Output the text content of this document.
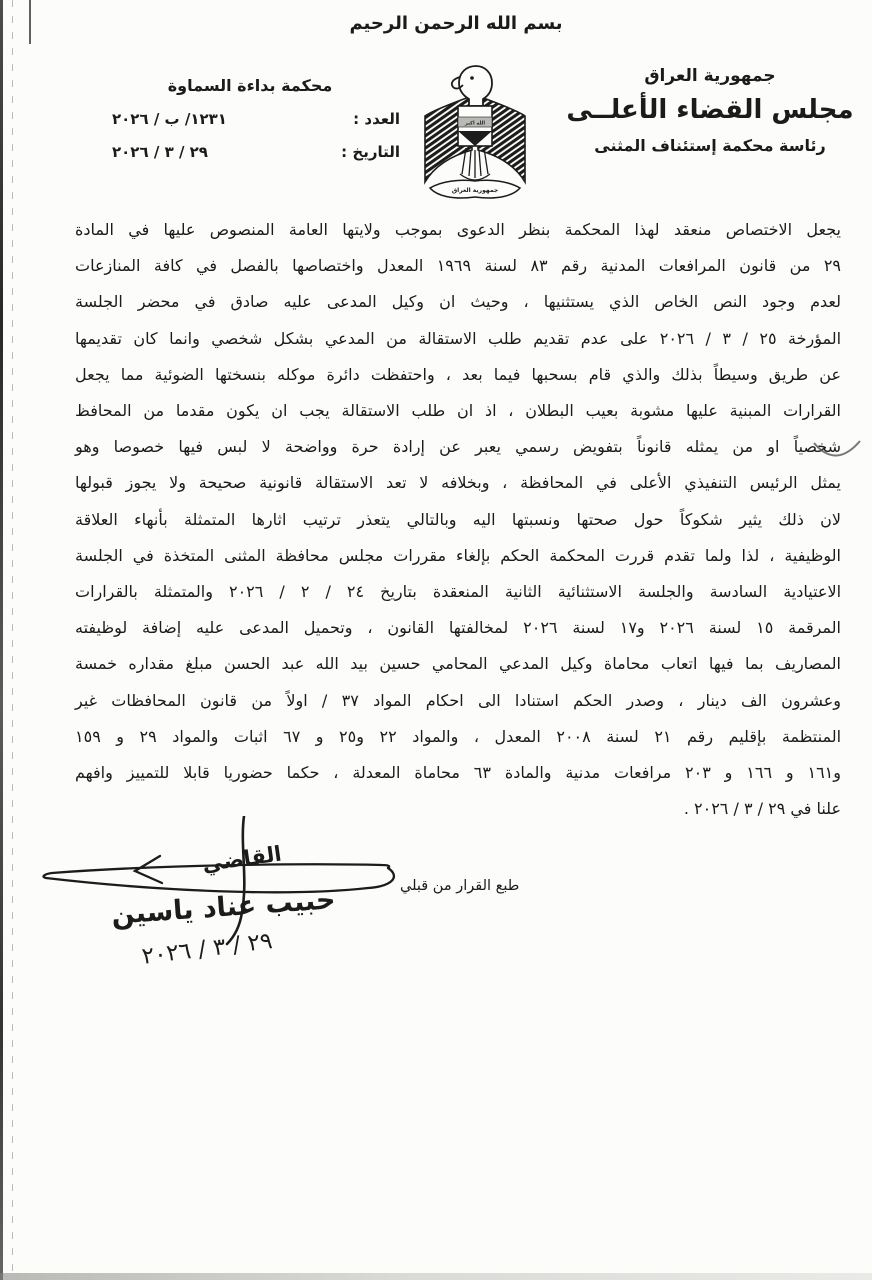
بسم الله الرحمن الرحيم
جمهورية العراق
مجلس القضاء الأعلــى
رئاسة محكمة إستئناف المثنى
الله اكبر
جمهورية العراق
محكمة بداءة السماوة
العدد :
١٢٣١/ ب / ٢٠٢٦
التاريخ :
٢٩ / ٣ / ٢٠٢٦
يجعل الاختصاص منعقد لهذا المحكمة بنظر الدعوى بموجب ولايتها العامة المنصوص عليها في المادة
٢٩ من قانون المرافعات المدنية رقم ٨٣ لسنة ١٩٦٩ المعدل واختصاصها بالفصل في كافة المنازعات
لعدم وجود النص الخاص الذي يستثنيها ، وحيث ان وكيل المدعى عليه صادق في محضر الجلسة
المؤرخة ٢٥ / ٣ / ٢٠٢٦ على عدم تقديم طلب الاستقالة من المدعي بشكل شخصي وانما كان تقديمها
عن طريق وسيطاً بذلك والذي قام بسحبها فيما بعد ، واحتفظت دائرة موكله بنسختها الضوئية مما يجعل
القرارات المبنية عليها مشوبة بعيب البطلان ، اذ ان طلب الاستقالة يجب ان يكون مقدما من المحافظ
شخصياً او من يمثله قانوناً بتفويض رسمي يعبر عن إرادة حرة وواضحة لا لبس فيها خصوصا وهو
يمثل الرئيس التنفيذي الأعلى في المحافظة ، وبخلافه لا تعد الاستقالة قانونية صحيحة ولا يجوز قبولها
لان ذلك يثير شكوكاً حول صحتها ونسبتها اليه وبالتالي يتعذر ترتيب اثارها المتمثلة بأنهاء العلاقة
الوظيفية ، لذا ولما تقدم قررت المحكمة الحكم بإلغاء مقررات مجلس محافظة المثنى المتخذة في الجلسة
الاعتيادية السادسة والجلسة الاستثنائية الثانية المنعقدة بتاريخ ٢٤ / ٢ / ٢٠٢٦ والمتمثلة بالقرارات
المرقمة ١٥ لسنة ٢٠٢٦ و١٧ لسنة ٢٠٢٦ لمخالفتها القانون ، وتحميل المدعى عليه إضافة لوظيفته
المصاريف بما فيها اتعاب محاماة وكيل المدعي المحامي حسين بيد الله عبد الحسن مبلغ مقداره خمسة
وعشرون الف دينار ، وصدر الحكم استنادا الى احكام المواد ٣٧ / اولاً من قانون المحافظات غير
المنتظمة بإقليم رقم ٢١ لسنة ٢٠٠٨ المعدل ، والمواد ٢٢ و٢٥ و ٦٧ اثبات والمواد ٢٩ و ١٥٩
و١٦١ و ١٦٦ و ٢٠٣ مرافعات مدنية والمادة ٦٣ محاماة المعدلة ، حكما حضوريا قابلا للتمييز وافهم
علنا في ٢٩ / ٣ / ٢٠٢٦ .
طبع القرار من قبلي
القاضي
حبيب عناد ياسين
٢٩ / ٣ / ٢٠٢٦
